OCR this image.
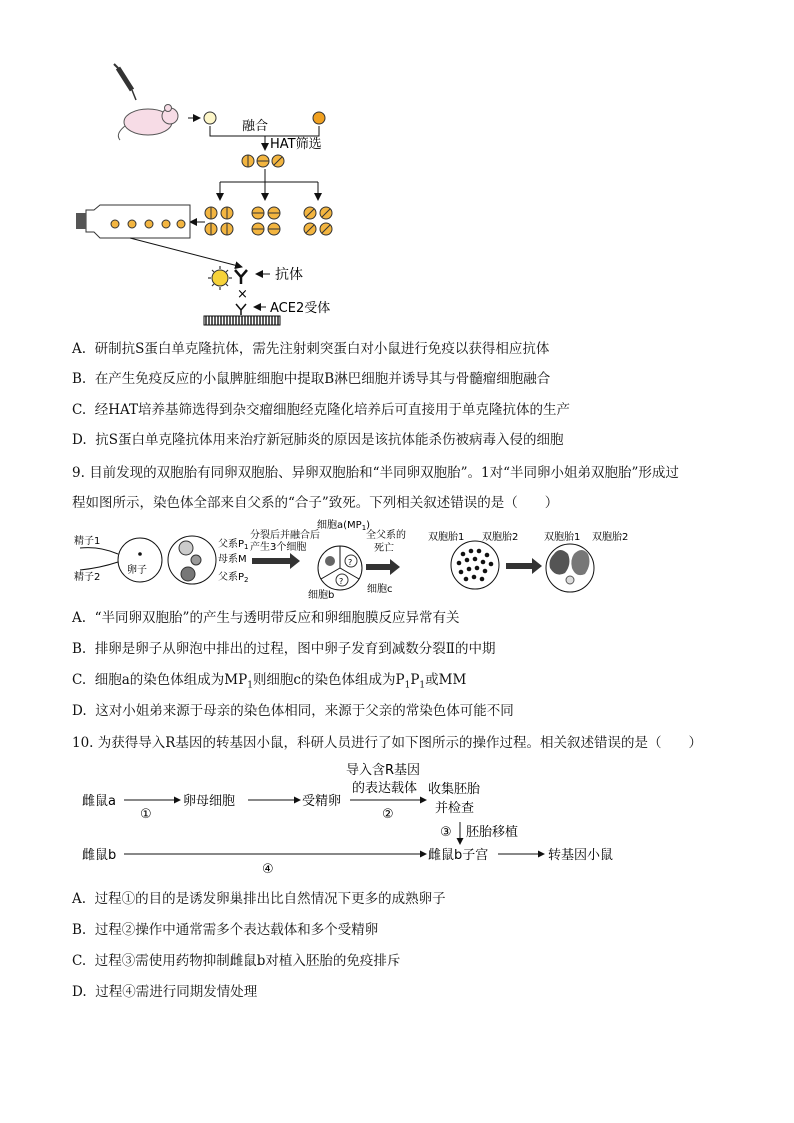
融合
HAT筛选
抗体
×
ACE2受体
A. 研制抗S蛋白单克隆抗体，需先注射刺突蛋白对小鼠进行免疫以获得相应抗体
B. 在产生免疫反应的小鼠脾脏细胞中提取B淋巴细胞并诱导其与骨髓瘤细胞融合
C. 经HAT培养基筛选得到杂交瘤细胞经克隆化培养后可直接用于单克隆抗体的生产
D. 抗S蛋白单克隆抗体用来治疗新冠肺炎的原因是该抗体能杀伤被病毒入侵的细胞
9. 目前发现的双胞胎有同卵双胞胎、异卵双胞胎和“半同卵双胞胎”。1对“半同卵小姐弟双胞胎”形成过
程如图所示，染色体全部来自父系的“合子”致死。下列相关叙述错误的是（　　）
精子1
精子2
卵子
父系$P_1$
母系M
父系$P_2$
分裂后并融合后
产生3个细胞
细胞$a(MP_1)$
?
?
细胞b
细胞c
全父系的
死亡
双胞胎1 双胞胎2	双胞胎1 双胞胎2
A. “半同卵双胞胎”的产生与透明带反应和卵细胞膜反应异常有关
B. 排卵是卵子从卵泡中排出的过程，图中卵子发育到减数分裂Ⅱ的中期
C. 细胞a的染色体组成为$MP_1$则细胞c的染色体组成为$P_1P_1$或MM
D. 这对小姐弟来源于母亲的染色体相同，来源于父亲的常染色体可能不同
10. 为获得导入R基因的转基因小鼠，科研人员进行了如下图所示的操作过程。相关叙述错误的是（　　）
雌鼠a
①
卵母细胞	受精卵
导入含R基因
的表达载体
②
收集胚胎
并检查
③ 胚胎移植
雌鼠b
④
雌鼠b子宫	转基因小鼠
A. 过程①的目的是诱发卵巢排出比自然情况下更多的成熟卵子
B. 过程②操作中通常需多个表达载体和多个受精卵
C. 过程③需使用药物抑制雌鼠b对植入胚胎的免疫排斥
D. 过程④需进行同期发情处理
